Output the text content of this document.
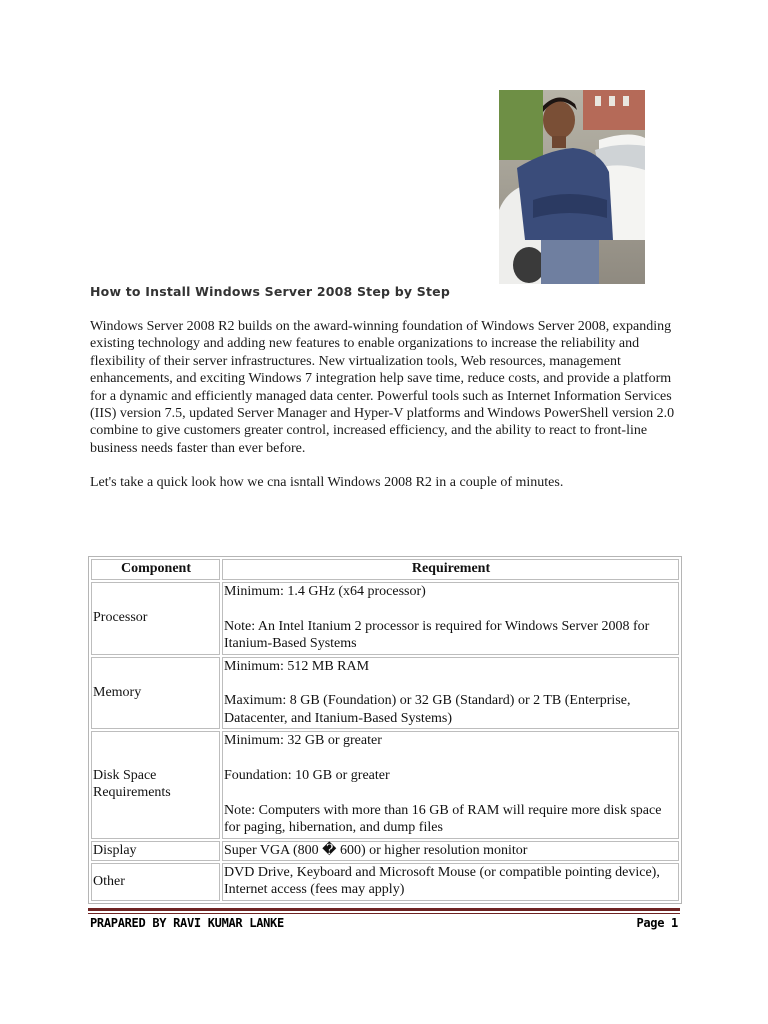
How to Install Windows Server 2008 Step by Step

Windows Server 2008 R2 builds on the award-winning foundation of Windows Server 2008, expanding existing technology and adding new features to enable organizations to increase the reliability and flexibility of their server infrastructures. New virtualization tools, Web resources, management enhancements, and exciting Windows 7 integration help save time, reduce costs, and provide a platform for a dynamic and efficiently managed data center. Powerful tools such as Internet Information Services (IIS) version 7.5, updated Server Manager and Hyper-V platforms and Windows PowerShell version 2.0 combine to give customers greater control, increased efficiency, and the ability to react to front-line business needs faster than ever before.

Let's take a quick look how we cna isntall Windows 2008 R2 in a couple of minutes.

Component	Requirement
Processor	Minimum: 1.4 GHz (x64 processor)

Note: An Intel Itanium 2 processor is required for Windows Server 2008 for Itanium-Based Systems

Memory	Minimum: 512 MB RAM

Maximum: 8 GB (Foundation) or 32 GB (Standard) or 2 TB (Enterprise, Datacenter, and Itanium-Based Systems)

Disk Space Requirements	Minimum: 32 GB or greater

Foundation: 10 GB or greater

Note: Computers with more than 16 GB of RAM will require more disk space for paging, hibernation, and dump files

Display	Super VGA (800 � 600) or higher resolution monitor

Other	DVD Drive, Keyboard and Microsoft Mouse (or compatible pointing device), Internet access (fees may apply)

PRAPARED BY RAVI KUMAR LANKE	Page 1
